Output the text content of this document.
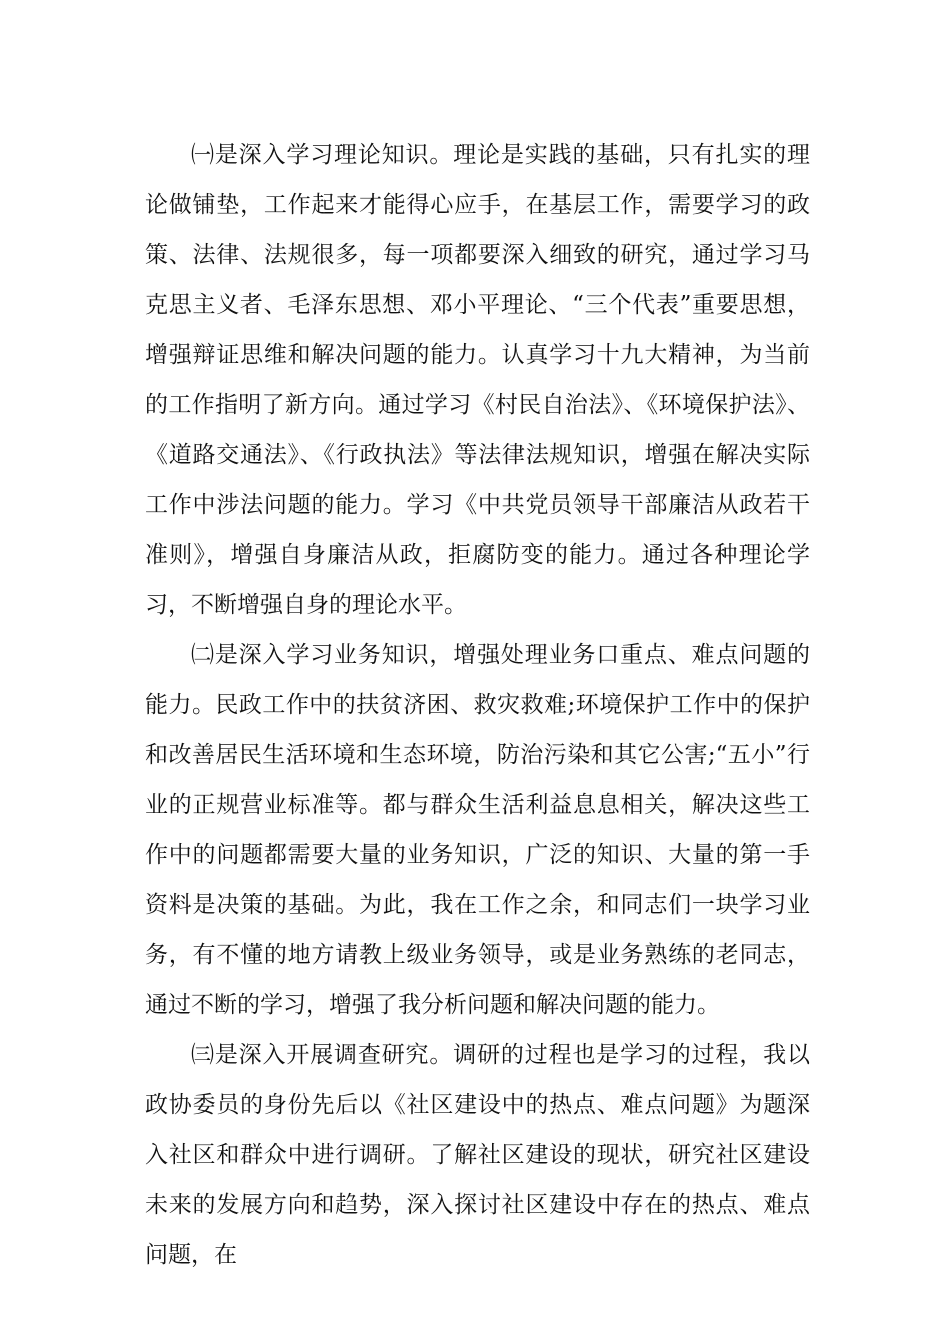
㈠是深入学习理论知识。理论是实践的基础，只有扎实的理论做铺垫，工作起来才能得心应手，在基层工作，需要学习的政策、法律、法规很多，每一项都要深入细致的研究，通过学习马克思主义者、毛泽东思想、邓小平理论、“三个代表”重要思想，增强辩证思维和解决问题的能力。认真学习十九大精神，为当前的工作指明了新方向。通过学习《村民自治法》、《环境保护法》、《道路交通法》、《行政执法》等法律法规知识，增强在解决实际工作中涉法问题的能力。学习《中共党员领导干部廉洁从政若干准则》，增强自身廉洁从政，拒腐防变的能力。通过各种理论学习，不断增强自身的理论水平。

㈡是深入学习业务知识，增强处理业务口重点、难点问题的能力。民政工作中的扶贫济困、救灾救难;环境保护工作中的保护和改善居民生活环境和生态环境，防治污染和其它公害;“五小”行业的正规营业标准等。都与群众生活利益息息相关，解决这些工作中的问题都需要大量的业务知识，广泛的知识、大量的第一手资料是决策的基础。为此，我在工作之余，和同志们一块学习业务，有不懂的地方请教上级业务领导，或是业务熟练的老同志，通过不断的学习，增强了我分析问题和解决问题的能力。

㈢是深入开展调查研究。调研的过程也是学习的过程，我以政协委员的身份先后以《社区建设中的热点、难点问题》为题深入社区和群众中进行调研。了解社区建设的现状，研究社区建设未来的发展方向和趋势，深入探讨社区建设中存在的热点、难点问题，在
